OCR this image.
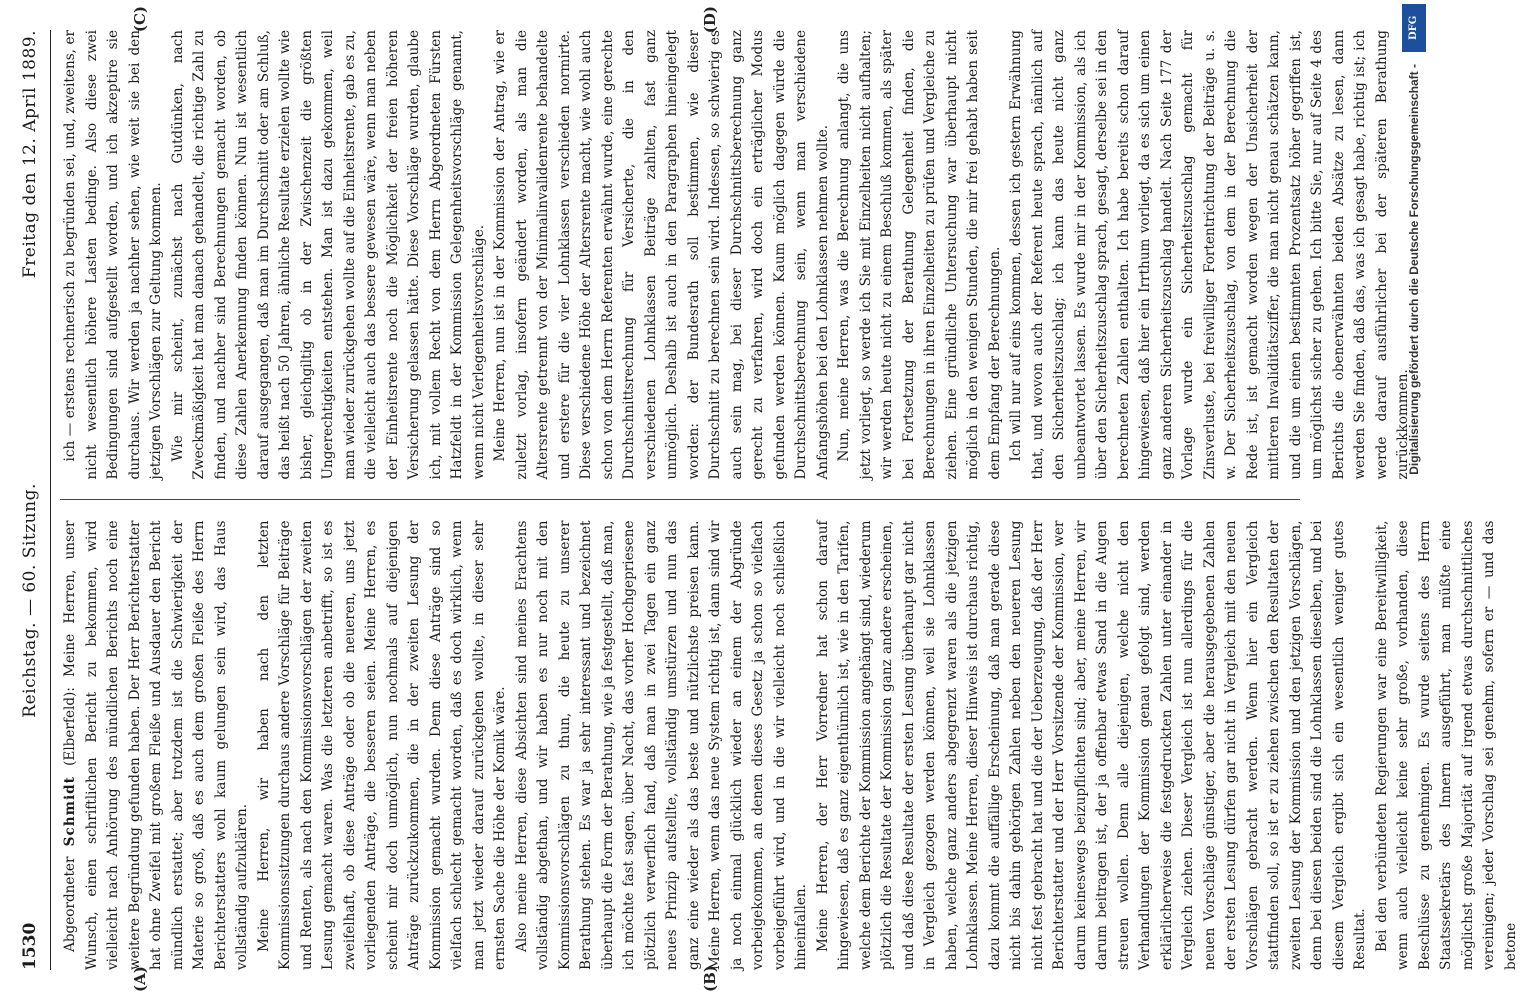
1530
Reichstag. — 60. Sitzung.
Freitag den 12. April 1889.
(A)	(B)

Abgeordneter Schmidt (Elberfeld): Meine Herren, unser Wunsch, einen schriftlichen Bericht zu bekommen, wird vielleicht nach Anhörung des mündlichen Berichts noch eine weitere Begründung gefunden haben. Der Herr Berichterstatter hat ohne Zweifel mit großem Fleiße und Ausdauer den Bericht mündlich erstattet; aber trotzdem ist die Schwierigkeit der Materie so groß, daß es auch dem großen Fleiße des Herrn Berichterstatters wohl kaum gelungen sein wird, das Haus vollständig aufzuklären. Meine Herren, wir haben nach den letzten Kommissionssitzungen durchaus andere Vorschläge für Beiträge und Renten, als nach den Kommissionsvorschlägen der zweiten Lesung gemacht waren. Was die letzteren anbetrifft, so ist es zweifelhaft, ob diese Anträge oder ob die neueren, uns jetzt vorliegenden Anträge, die besseren seien. Meine Herren, es scheint mir doch unmöglich, nun nochmals auf diejenigen Anträge zurückzukommen, die in der zweiten Lesung der Kommission gemacht wurden. Denn diese Anträge sind so vielfach schlecht gemacht worden, daß es doch wirklich, wenn man jetzt wieder darauf zurückgehen wollte, in dieser sehr ernsten Sache die Höhe der Komik wäre. Also meine Herren, diese Absichten sind meines Erachtens vollständig abgethan, und wir haben es nur noch mit den Kommissionsvorschlägen zu thun, die heute zu unserer Berathung stehen. Es war ja sehr interessant und bezeichnet überhaupt die Form der Berathung, wie ja festgestellt, daß man, ich möchte fast sagen, über Nacht, das vorher Hochgepriesene plötzlich verwerflich fand, daß man in zwei Tagen ein ganz neues Prinzip aufstellte, vollständig umstürzen und nun das ganz eine wieder als das beste und nützlichste preisen kann. Meine Herren, wenn das neue System richtig ist, dann sind wir ja noch einmal glücklich wieder an einem der Abgründe vorbeigekommen, an denen dieses Gesetz ja schon so vielfach vorbeigeführt wird, und in die wir vielleicht noch schließlich hineinfallen. Meine Herren, der Herr Vorredner hat schon darauf hingewiesen, daß es ganz eigenthümlich ist, wie in den Tarifen, welche dem Berichte der Kommission angehängt sind, wiederum plötzlich die Resultate der Kommission ganz andere erscheinen, und daß diese Resultate der ersten Lesung überhaupt gar nicht in Vergleich gezogen werden können, weil sie Lohnklassen haben, welche ganz anders abgegrenzt waren als die jetzigen Lohnklassen. Meine Herren, dieser Hinweis ist durchaus richtig, dazu kommt die auffällige Erscheinung, daß man gerade diese nicht bis dahin gehörigen Zahlen neben den neueren Lesung nicht fest gebracht hat und die der Ueberzeugung, daß der Herr Berichterstatter und der Herr Vorsitzende der Kommission, wer darum keineswegs beizupflichten sind; aber, meine Herren, wir darum beitragen ist, der ja offenbar etwas Sand in die Augen streuen wollen. Denn alle diejenigen, welche nicht den Verhandlungen der Kommission genau gefolgt sind, werden erklärlicherweise die festgedruckten Zahlen unter einander in Vergleich ziehen. Dieser Vergleich ist nun allerdings für die neuen Vorschläge günstiger, aber die herausgegebenen Zahlen der ersten Lesung dürfen gar nicht in Vergleich mit den neuen Vorschlägen gebracht werden. Wenn hier ein Vergleich stattfinden soll, so ist er zu ziehen zwischen den Resultaten der zweiten Lesung der Kommission und den jetzigen Vorschlägen, denn bei diesen beiden sind die Lohnklassen dieselben, und bei diesem Vergleich ergibt sich ein wesentlich weniger gutes Resultat. Bei den verbündeten Regierungen war eine Bereitwilligkeit, wenn auch vielleicht keine sehr große, vorhanden, diese Beschlüsse zu genehmigen. Es wurde seitens des Herrn Staatssekretärs des Innern ausgeführt, man müßte eine möglichst große Majorität auf irgend etwas durchschnittliches vereinigen; jeder Vorschlag sei genehm, sofern er — und das betone

(C)	(D)

ich — erstens rechnerisch zu begründen sei, und, zweitens, er nicht wesentlich höhere Lasten bedinge. Also diese zwei Bedingungen sind aufgestellt worden, und ich akzeptire sie durchaus. Wir werden ja nachher sehen, wie weit sie bei den jetzigen Vorschlägen zur Geltung kommen. Wie mir scheint, zunächst nach Gutdünken, nach Zweckmäßigkeit hat man danach gehandelt, die richtige Zahl zu finden, und nachher sind Berechnungen gemacht worden, ob diese Zahlen Anerkennung finden können. Nun ist wesentlich darauf ausgegangen, daß man im Durchschnitt oder am Schluß, das heißt nach 50 Jahren, ähnliche Resultate erzielen wollte wie bisher, gleichgiltig ob in der Zwischenzeit die größten Ungerechtigkeiten entstehen. Man ist dazu gekommen, weil man wieder zurückgehen wollte auf die Einheitsrente, gab es zu, die vielleicht auch das bessere gewesen wäre, wenn man neben der Einheitsrente noch die Möglichkeit der freien höheren Versicherung gelassen hätte. Diese Vorschläge wurden, glaube ich, mit vollem Recht von dem Herrn Abgeordneten Fürsten Hatzfeldt in der Kommission Gelegenheitsvorschläge genannt, wenn nicht Verlegenheitsvorschläge. Meine Herren, nun ist in der Kommission der Antrag, wie er zuletzt vorlag, insofern geändert worden, als man die Altersrente getrennt von der Minimalinvalidenrente behandelte und erstere für die vier Lohnklassen verschieden normirte. Diese verschiedene Höhe der Altersrente macht, wie wohl auch schon von dem Herrn Referenten erwähnt wurde, eine gerechte Durchschnittsrechnung für Versicherte, die in den verschiedenen Lohnklassen Beiträge zahlten, fast ganz unmöglich. Deshalb ist auch in den Paragraphen hineingelegt worden: der Bundesrath soll bestimmen, wie dieser Durchschnitt zu berechnen sein wird. Indessen, so schwierig es auch sein mag, bei dieser Durchschnittsberechnung ganz gerecht zu verfahren, wird doch ein erträglicher Modus gefunden werden können. Kaum möglich dagegen würde die Durchschnittsberechnung sein, wenn man verschiedene Anfangshöhen bei den Lohnklassen nehmen wollte. Nun, meine Herren, was die Berechnung anlangt, die uns jetzt vorliegt, so werde ich Sie mit Einzelheiten nicht aufhalten; wir werden heute nicht zu einem Beschluß kommen, als später bei Fortsetzung der Berathung Gelegenheit finden, die Berechnungen in ihren Einzelheiten zu prüfen und Vergleiche zu ziehen. Eine gründliche Untersuchung war überhaupt nicht möglich in den wenigen Stunden, die mir frei gehabt haben seit dem Empfang der Berechnungen. Ich will nur auf eins kommen, dessen ich gestern Erwähnung that, und wovon auch der Referent heute sprach, nämlich auf den Sicherheitszuschlag; ich kann das heute nicht ganz unbeantwortet lassen. Es wurde mir in der Kommission, als ich über den Sicherheitszuschlag sprach, gesagt, derselbe sei in den berechneten Zahlen enthalten. Ich habe bereits schon darauf hingewiesen, daß hier ein Irrthum vorliegt, da es sich um einen ganz anderen Sicherheitszuschlag handelt. Nach Seite 177 der Vorlage wurde ein Sicherheitszuschlag gemacht für Zinsverluste, bei freiwilliger Fortentrichtung der Beiträge u. s. w. Der Sicherheitszuschlag, von dem in der Berechnung die Rede ist, ist gemacht worden wegen der Unsicherheit der mittleren Invaliditätsziffer, die man nicht genau schätzen kann, und die um einen bestimmten Prozentsatz höher gegriffen ist, um möglichst sicher zu gehen. Ich bitte Sie, nur auf Seite 4 des Berichts die obenerwähnten beiden Absätze zu lesen, dann werden Sie finden, daß das, was ich gesagt habe, richtig ist; ich werde darauf ausführlicher bei der späteren Berathung zurückkommen.

Digitalisierung gefördert durch die Deutsche Forschungsgemeinschaft -
DFG
